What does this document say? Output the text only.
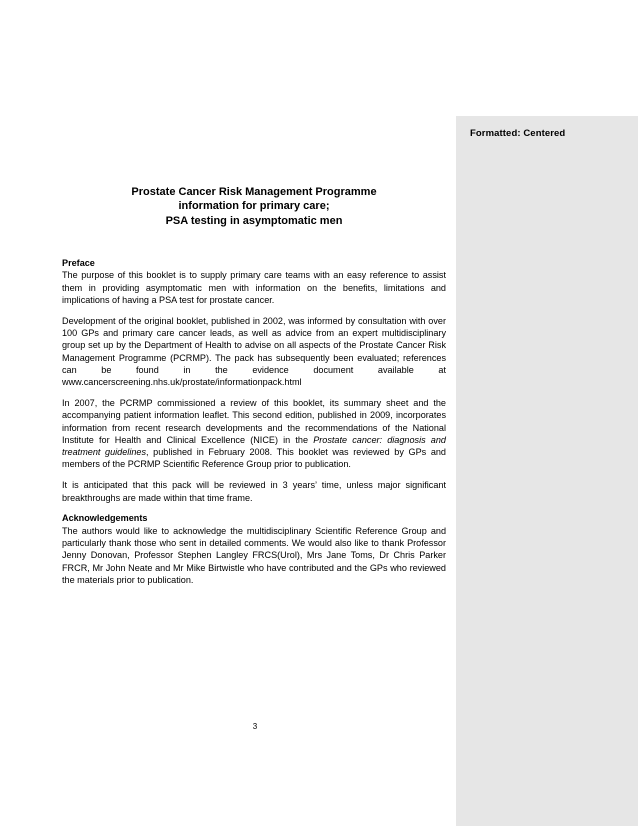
Formatted: Centered
Prostate Cancer Risk Management Programme
information for primary care;
PSA testing in asymptomatic men

Preface
The purpose of this booklet is to supply primary care teams with an easy reference to assist them in providing asymptomatic men with information on the benefits, limitations and implications of having a PSA test for prostate cancer.

Development of the original booklet, published in 2002, was informed by consultation with over 100 GPs and primary care cancer leads, as well as advice from an expert multidisciplinary group set up by the Department of Health to advise on all aspects of the Prostate Cancer Risk Management Programme (PCRMP). The pack has subsequently been evaluated; references can be found in the evidence document available at www.cancerscreening.nhs.uk/prostate/informationpack.html

In 2007, the PCRMP commissioned a review of this booklet, its summary sheet and the accompanying patient information leaflet. This second edition, published in 2009, incorporates information from recent research developments and the recommendations of the National Institute for Health and Clinical Excellence (NICE) in the Prostate cancer: diagnosis and treatment guidelines, published in February 2008. This booklet was reviewed by GPs and members of the PCRMP Scientific Reference Group prior to publication.

It is anticipated that this pack will be reviewed in 3 years’ time, unless major significant breakthroughs are made within that time frame.

Acknowledgements
The authors would like to acknowledge the multidisciplinary Scientific Reference Group and particularly thank those who sent in detailed comments. We would also like to thank Professor Jenny Donovan, Professor Stephen Langley FRCS(Urol), Mrs Jane Toms, Dr Chris Parker FRCR, Mr John Neate and Mr Mike Birtwistle who have contributed and the GPs who reviewed the materials prior to publication.

3
